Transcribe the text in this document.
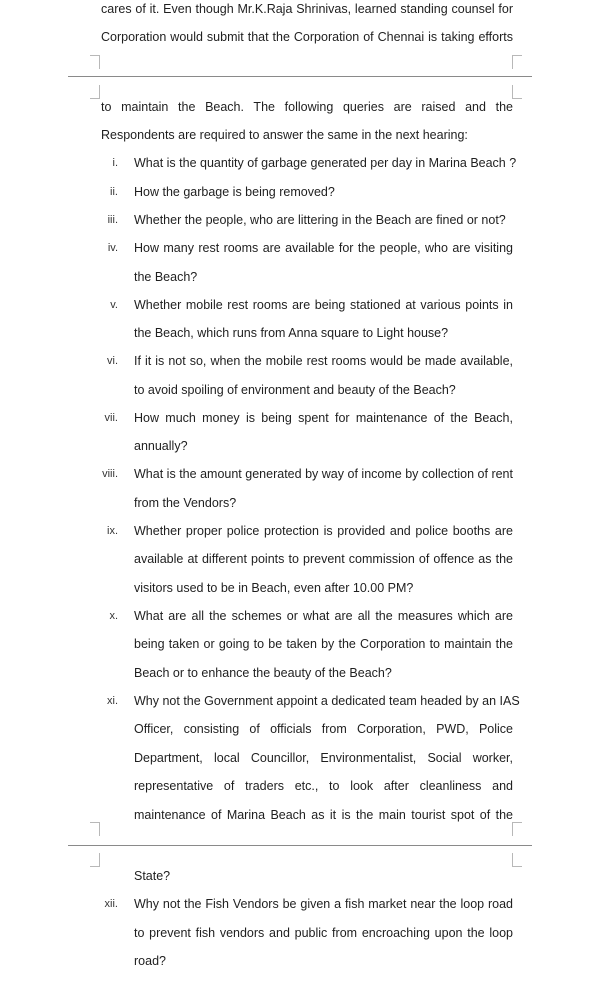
cares of it. Even though Mr.K.Raja Shrinivas, learned standing counsel for
Corporation would submit that the Corporation of Chennai is taking efforts
to maintain the Beach. The following queries are raised and the
Respondents are required to answer the same in the next hearing:
i. What is the quantity of garbage generated per day in Marina Beach ?
ii. How the garbage is being removed?
iii. Whether the people, who are littering in the Beach are fined or not?
iv. How many rest rooms are available for the people, who are visiting
the Beach?
v. Whether mobile rest rooms are being stationed at various points in
the Beach, which runs from Anna square to Light house?
vi. If it is not so, when the mobile rest rooms would be made available,
to avoid spoiling of environment and beauty of the Beach?
vii. How much money is being spent for maintenance of the Beach,
annually?
viii. What is the amount generated by way of income by collection of rent
from the Vendors?
ix. Whether proper police protection is provided and police booths are
available at different points to prevent commission of offence as the
visitors used to be in Beach, even after 10.00 PM?
x. What are all the schemes or what are all the measures which are
being taken or going to be taken by the Corporation to maintain the
Beach or to enhance the beauty of the Beach?
xi. Why not the Government appoint a dedicated team headed by an IAS
Officer, consisting of officials from Corporation, PWD, Police
Department, local Councillor, Environmentalist, Social worker,
representative of traders etc., to look after cleanliness and
maintenance of Marina Beach as it is the main tourist spot of the
State?
xii. Why not the Fish Vendors be given a fish market near the loop road
to prevent fish vendors and public from encroaching upon the loop
road?
